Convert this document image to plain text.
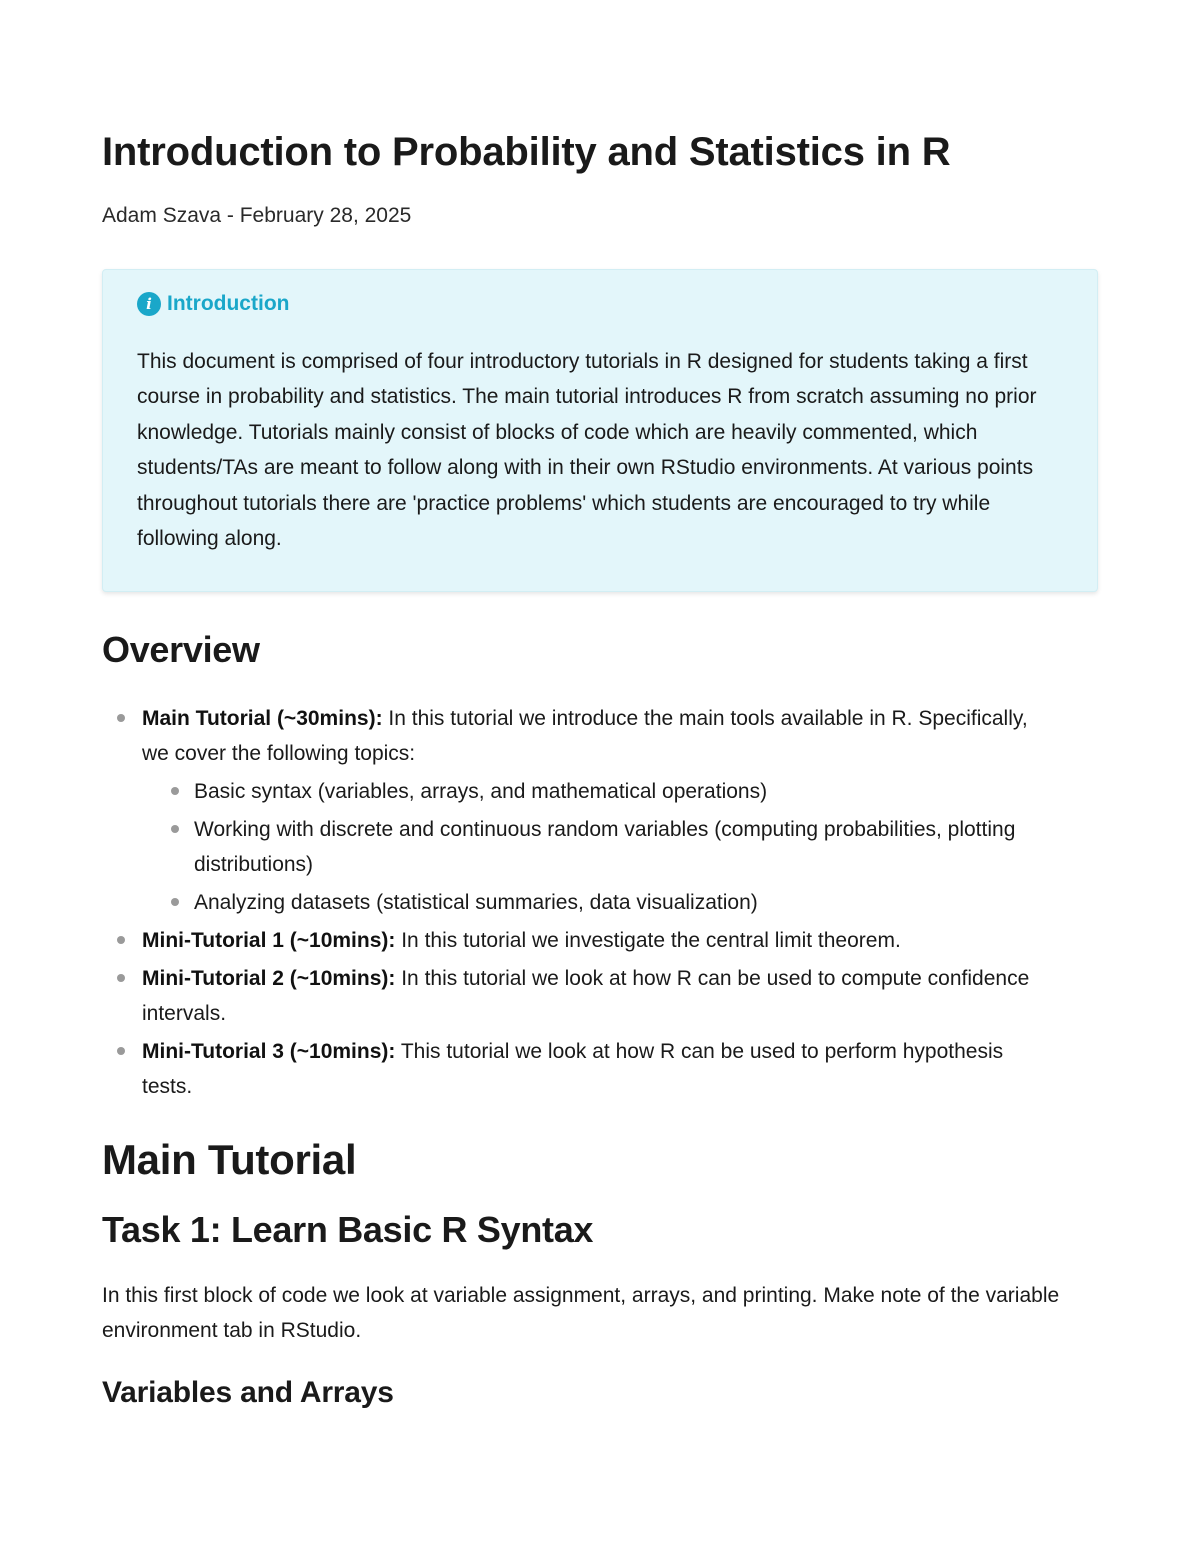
Introduction to Probability and Statistics in R

Adam Szava - February 28, 2025

i Introduction

This document is comprised of four introductory tutorials in R designed for students taking a first course in probability and statistics. The main tutorial introduces R from scratch assuming no prior knowledge. Tutorials mainly consist of blocks of code which are heavily commented, which students/TAs are meant to follow along with in their own RStudio environments. At various points throughout tutorials there are 'practice problems' which students are encouraged to try while following along.

Overview
Main Tutorial (~30mins): In this tutorial we introduce the main tools available in R. Specifically, we cover the following topics:
Basic syntax (variables, arrays, and mathematical operations)
Working with discrete and continuous random variables (computing probabilities, plotting distributions)
Analyzing datasets (statistical summaries, data visualization)
Mini-Tutorial 1 (~10mins): In this tutorial we investigate the central limit theorem.
Mini-Tutorial 2 (~10mins): In this tutorial we look at how R can be used to compute confidence intervals.
Mini-Tutorial 3 (~10mins): This tutorial we look at how R can be used to perform hypothesis tests.
Main Tutorial
Task 1: Learn Basic R Syntax

In this first block of code we look at variable assignment, arrays, and printing. Make note of the variable environment tab in RStudio.

Variables and Arrays
